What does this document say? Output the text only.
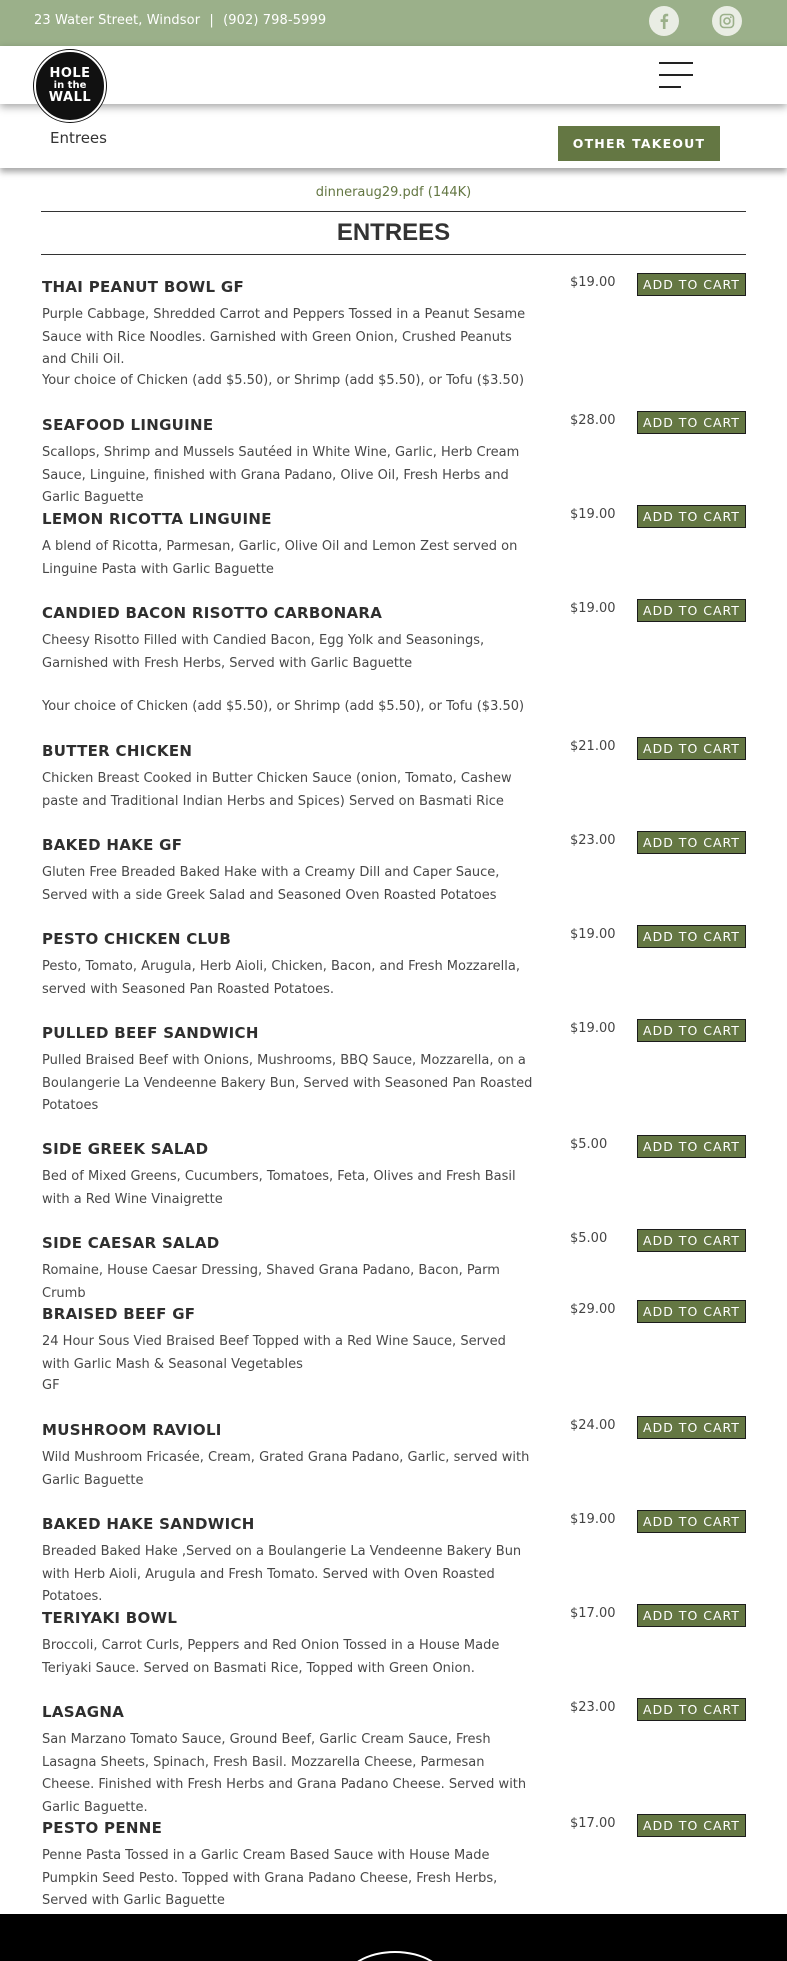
23 Water Street, Windsor | (902) 798-5999
HOLE
in the
WALL
Entrees	OTHER TAKEOUT
dinneraug29.pdf (144K)
ENTREES
THAI PEANUT BOWL GF
Purple Cabbage, Shredded Carrot and Peppers Tossed in a Peanut Sesame Sauce with Rice Noodles. Garnished with Green Onion, Crushed Peanuts and Chili Oil.
Your choice of Chicken (add $5.50), or Shrimp (add $5.50), or Tofu ($3.50)
$19.00	ADD TO CART
SEAFOOD LINGUINE
Scallops, Shrimp and Mussels Sautéed in White Wine, Garlic, Herb Cream Sauce, Linguine, finished with Grana Padano, Olive Oil, Fresh Herbs and Garlic Baguette
$28.00	ADD TO CART
LEMON RICOTTA LINGUINE
A blend of Ricotta, Parmesan, Garlic, Olive Oil and Lemon Zest served on Linguine Pasta with Garlic Baguette
$19.00	ADD TO CART
CANDIED BACON RISOTTO CARBONARA
Cheesy Risotto Filled with Candied Bacon, Egg Yolk and Seasonings, Garnished with Fresh Herbs, Served with Garlic Baguette
Your choice of Chicken (add $5.50), or Shrimp (add $5.50), or Tofu ($3.50)
$19.00	ADD TO CART
BUTTER CHICKEN
Chicken Breast Cooked in Butter Chicken Sauce (onion, Tomato, Cashew paste and Traditional Indian Herbs and Spices) Served on Basmati Rice
$21.00	ADD TO CART
BAKED HAKE GF
Gluten Free Breaded Baked Hake with a Creamy Dill and Caper Sauce, Served with a side Greek Salad and Seasoned Oven Roasted Potatoes
$23.00	ADD TO CART
PESTO CHICKEN CLUB
Pesto, Tomato, Arugula, Herb Aioli, Chicken, Bacon, and Fresh Mozzarella, served with Seasoned Pan Roasted Potatoes.
$19.00	ADD TO CART
PULLED BEEF SANDWICH
Pulled Braised Beef with Onions, Mushrooms, BBQ Sauce, Mozzarella, on a Boulangerie La Vendeenne Bakery Bun, Served with Seasoned Pan Roasted Potatoes
$19.00	ADD TO CART
SIDE GREEK SALAD
Bed of Mixed Greens, Cucumbers, Tomatoes, Feta, Olives and Fresh Basil with a Red Wine Vinaigrette
$5.00	ADD TO CART
SIDE CAESAR SALAD
Romaine, House Caesar Dressing, Shaved Grana Padano, Bacon, Parm Crumb
$5.00	ADD TO CART
BRAISED BEEF GF
24 Hour Sous Vied Braised Beef Topped with a Red Wine Sauce, Served with Garlic Mash & Seasonal Vegetables
GF
$29.00	ADD TO CART
MUSHROOM RAVIOLI
Wild Mushroom Fricasée, Cream, Grated Grana Padano, Garlic, served with Garlic Baguette
$24.00	ADD TO CART
BAKED HAKE SANDWICH
Breaded Baked Hake ,Served on a Boulangerie La Vendeenne Bakery Bun with Herb Aioli, Arugula and Fresh Tomato. Served with Oven Roasted Potatoes.
$19.00	ADD TO CART
TERIYAKI BOWL
Broccoli, Carrot Curls, Peppers and Red Onion Tossed in a House Made Teriyaki Sauce. Served on Basmati Rice, Topped with Green Onion.
$17.00	ADD TO CART
LASAGNA
San Marzano Tomato Sauce, Ground Beef, Garlic Cream Sauce, Fresh Lasagna Sheets, Spinach, Fresh Basil. Mozzarella Cheese, Parmesan Cheese. Finished with Fresh Herbs and Grana Padano Cheese. Served with Garlic Baguette.
$23.00	ADD TO CART
PESTO PENNE
Penne Pasta Tossed in a Garlic Cream Based Sauce with House Made Pumpkin Seed Pesto. Topped with Grana Padano Cheese, Fresh Herbs, Served with Garlic Baguette
$17.00	ADD TO CART
